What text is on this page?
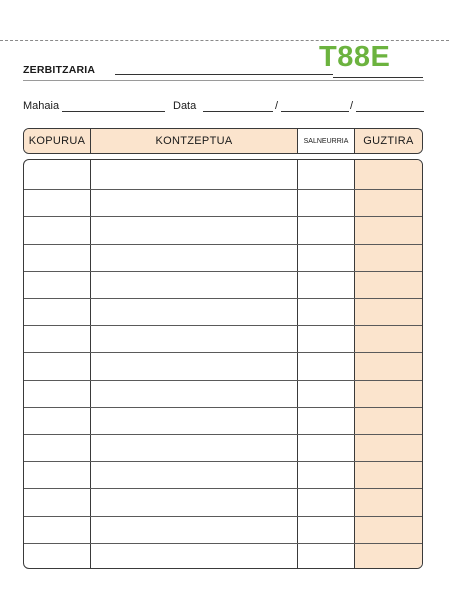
T88E
ZERBITZARIA
Mahaia	Data	/	/
KOPURUA	KONTZEPTUA	SALNEURRIA	GUZTIRA
